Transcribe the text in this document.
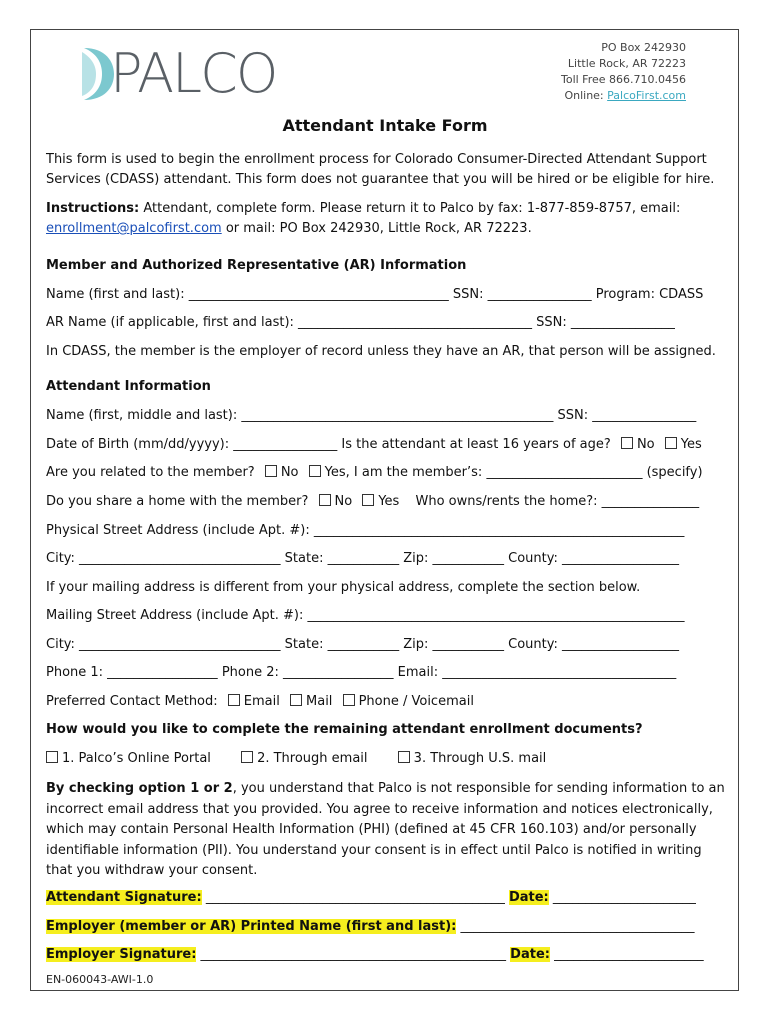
PALCO	PO Box 242930
Little Rock, AR 72223
Toll Free 866.710.0456
Online: PalcoFirst.com
Attendant Intake Form
This form is used to begin the enrollment process for Colorado Consumer-Directed Attendant Support Services (CDASS) attendant. This form does not guarantee that you will be hired or be eligible for hire.
Instructions: Attendant, complete form. Please return it to Palco by fax: 1-877-859-8757, email: enrollment@palcofirst.com or mail: PO Box 242930, Little Rock, AR 72223.
Member and Authorized Representative (AR) Information
Name (first and last): ________________________________________ SSN: ________________ Program: CDASS
AR Name (if applicable, first and last): ____________________________________ SSN: ________________
In CDASS, the member is the employer of record unless they have an AR, that person will be assigned.
Attendant Information
Name (first, middle and last): ________________________________________________ SSN: ________________
Date of Birth (mm/dd/yyyy): ________________ Is the attendant at least 16 years of age? No Yes
Are you related to the member? No Yes, I am the member’s: ________________________ (specify)
Do you share a home with the member? No Yes Who owns/rents the home?: _______________
Physical Street Address (include Apt. #): _________________________________________________________
City: _______________________________ State: ___________ Zip: ___________ County: __________________
If your mailing address is different from your physical address, complete the section below.
Mailing Street Address (include Apt. #): __________________________________________________________
City: _______________________________ State: ___________ Zip: ___________ County: __________________
Phone 1: _________________ Phone 2: _________________ Email: ____________________________________
Preferred Contact Method: Email Mail Phone / Voicemail
How would you like to complete the remaining attendant enrollment documents?
1. Palco’s Online Portal	2. Through email	3. Through U.S. mail
By checking option 1 or 2, you understand that Palco is not responsible for sending information to an incorrect email address that you provided. You agree to receive information and notices electronically, which may contain Personal Health Information (PHI) (defined at 45 CFR 160.103) and/or personally identifiable information (PII). You understand your consent is in effect until Palco is notified in writing that you withdraw your consent.
Attendant Signature: ______________________________________________ Date: ______________________
Employer (member or AR) Printed Name (first and last): ____________________________________
Employer Signature: _______________________________________________ Date: _______________________
EN-060043-AWI-1.0
